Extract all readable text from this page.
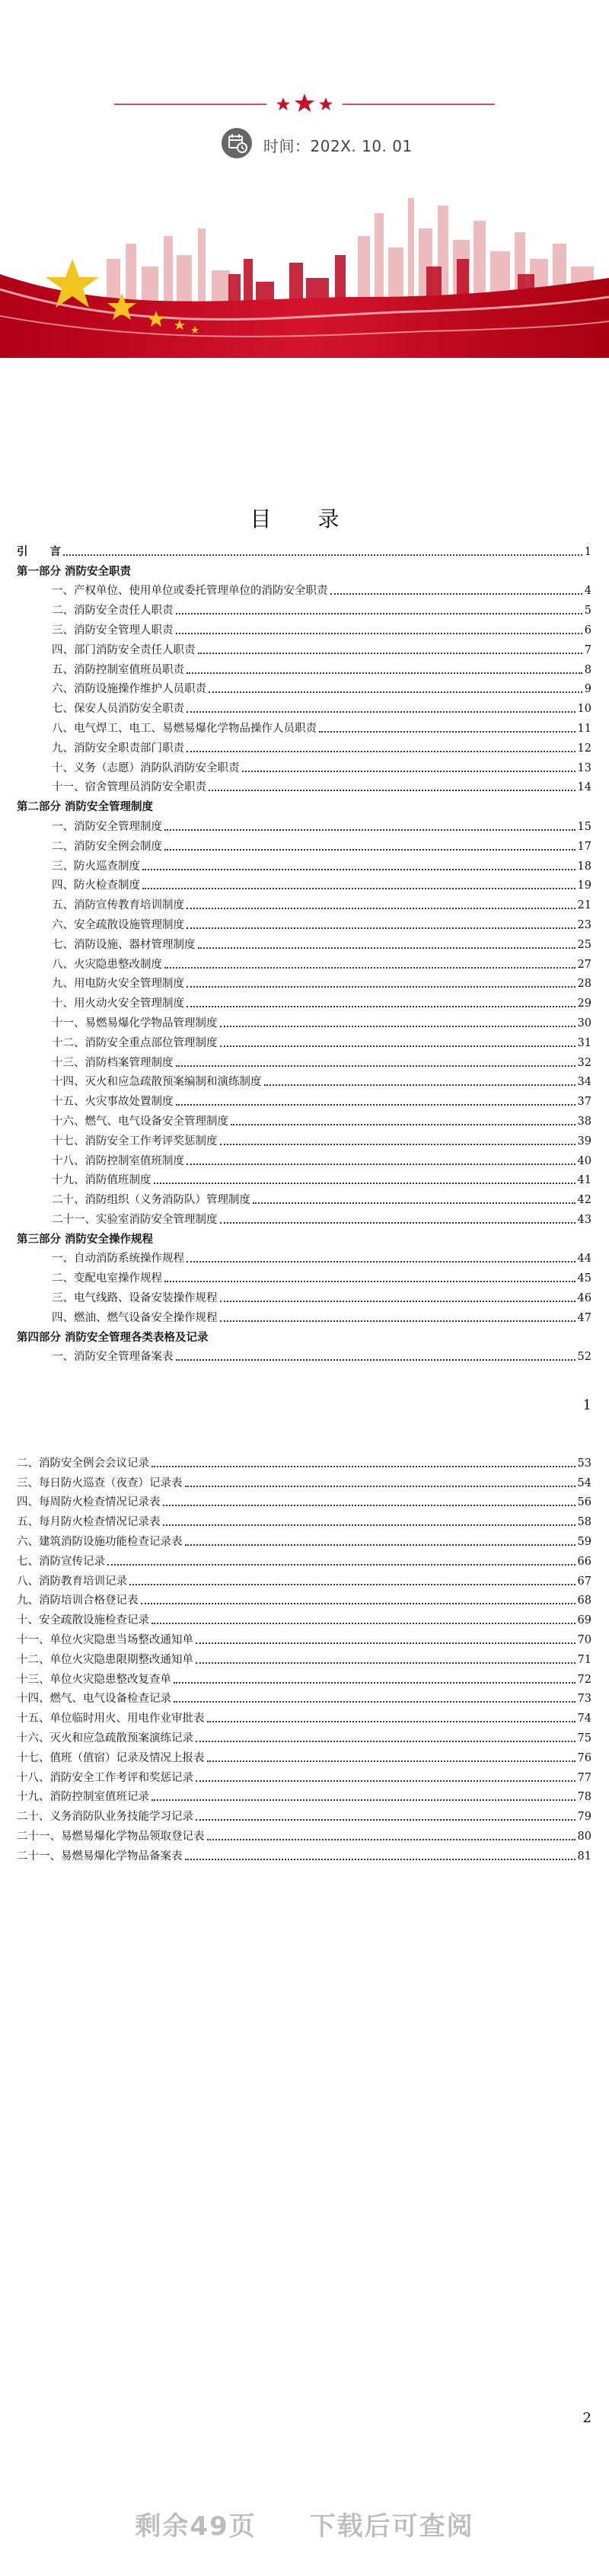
时间：202X. 10. 01
目 录
引　　言	1
第一部分 消防安全职责
一、产权单位、使用单位或委托管理单位的消防安全职责	4
二、消防安全责任人职责	5
三、消防安全管理人职责	6
四、部门消防安全责任人职责	7
五、消防控制室值班员职责	8
六、消防设施操作维护人员职责	9
七、保安人员消防安全职责	10
八、电气焊工、电工、易燃易爆化学物品操作人员职责	11
九、消防安全职责部门职责	12
十、义务（志愿）消防队消防安全职责	13
十一、宿舍管理员消防安全职责	14
第二部分 消防安全管理制度
一、消防安全管理制度	15
二、消防安全例会制度	17
三、防火巡查制度	18
四、防火检查制度	19
五、消防宣传教育培训制度	21
六、安全疏散设施管理制度	23
七、消防设施、器材管理制度	25
八、火灾隐患整改制度	27
九、用电防火安全管理制度	28
十、用火动火安全管理制度	29
十一、易燃易爆化学物品管理制度	30
十二、消防安全重点部位管理制度	31
十三、消防档案管理制度	32
十四、灭火和应急疏散预案编制和演练制度	34
十五、火灾事故处置制度	37
十六、燃气、电气设备安全管理制度	38
十七、消防安全工作考评奖惩制度	39
十八、消防控制室值班制度	40
十九、消防值班制度	41
二十、消防组织（义务消防队）管理制度	42
二十一、实验室消防安全管理制度	43
第三部分 消防安全操作规程
一、自动消防系统操作规程	44
二、变配电室操作规程	45
三、电气线路、设备安装操作规程	46
四、燃油、燃气设备安全操作规程	47
第四部分 消防安全管理各类表格及记录
一、消防安全管理备案表	52
1
二、消防安全例会会议记录	53
三、每日防火巡查（夜查）记录表	54
四、每周防火检查情况记录表	56
五、每月防火检查情况记录表	58
六、建筑消防设施功能检查记录表	59
七、消防宣传记录	66
八、消防教育培训记录	67
九、消防培训合格登记表	68
十、安全疏散设施检查记录	69
十一、单位火灾隐患当场整改通知单	70
十二、单位火灾隐患限期整改通知单	71
十三、单位火灾隐患整改复查单	72
十四、燃气、电气设备检查记录	73
十五、单位临时用火、用电作业审批表	74
十六、灭火和应急疏散预案演练记录	75
十七、值班（值宿）记录及情况上报表	76
十八、消防安全工作考评和奖惩记录	77
十九、消防控制室值班记录	78
二十、义务消防队业务技能学习记录	79
二十一、易燃易爆化学物品领取登记表	80
二十一、易燃易爆化学物品备案表	81
2
剩余49页 下载后可查阅
